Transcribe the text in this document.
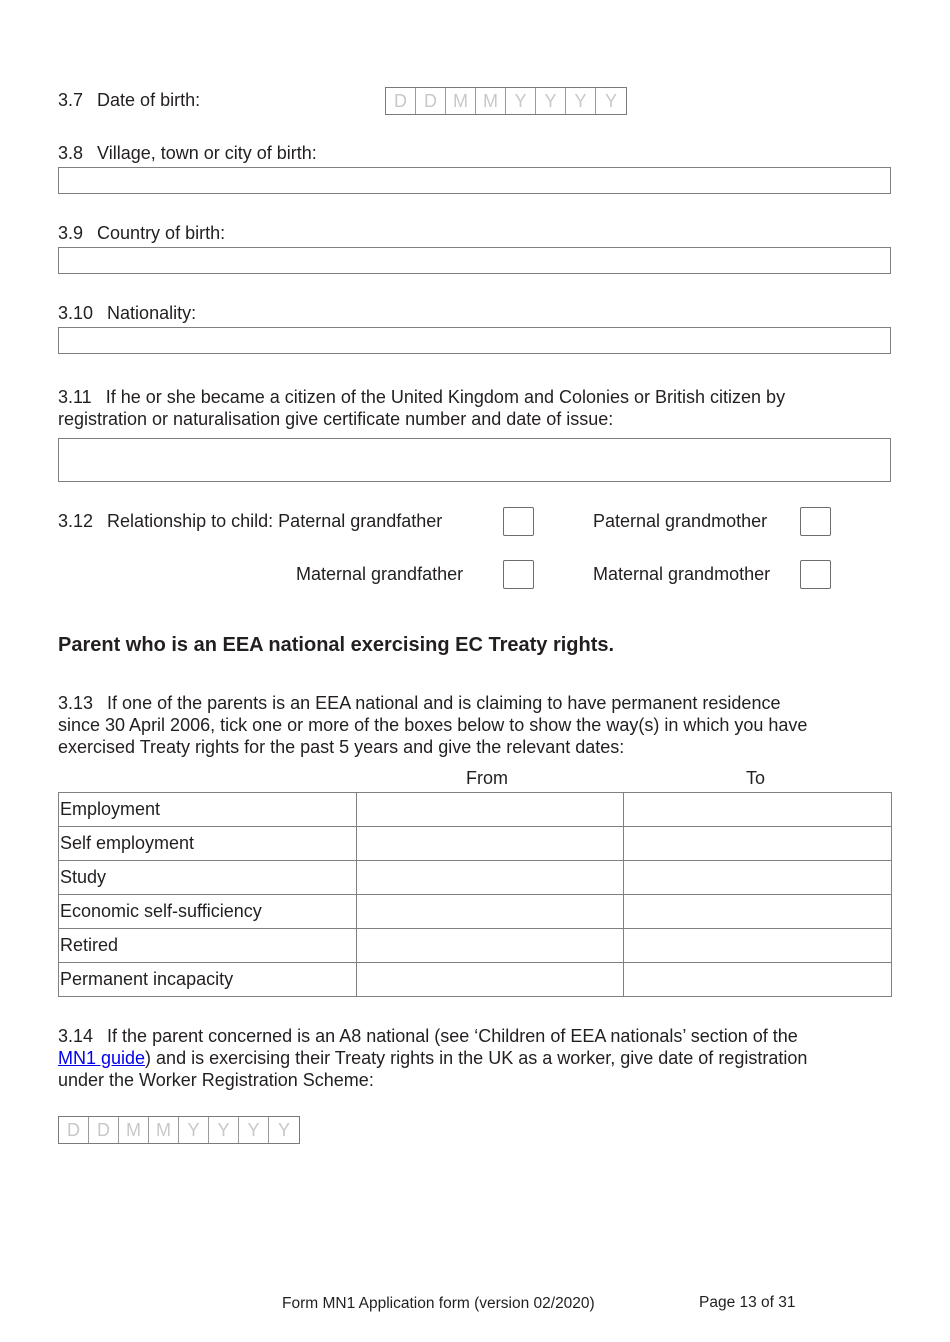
3.7 Date of birth:	D D M M Y Y Y	Y
3.8 Village, town or city of birth:
3.9 Country of birth:
3.10 Nationality:
3.11 If he or she became a citizen of the United Kingdom and Colonies or British citizen by
registration or naturalisation give certificate number and date of issue:
3.12 Relationship to child: Paternal grandfather	Paternal grandmother
Maternal grandfather	Maternal grandmother
Parent who is an EEA national exercising EC Treaty rights.
3.13 If one of the parents is an EEA national and is claiming to have permanent residence
since 30 April 2006, tick one or more of the boxes below to show the way(s) in which you have
exercised Treaty rights for the past 5 years and give the relevant dates:
From	To
Employment		
Self employment		
Study		
Economic self-sufficiency		
Retired		
Permanent incapacity		
3.14 If the parent concerned is an A8 national (see ‘Children of EEA nationals’ section of the
MN1 guide) and is exercising their Treaty rights in the UK as a worker, give date of registration
under the Worker Registration Scheme:
D D M M Y Y Y	Y
Form MN1 Application form (version 02/2020)	Page 13 of 31
